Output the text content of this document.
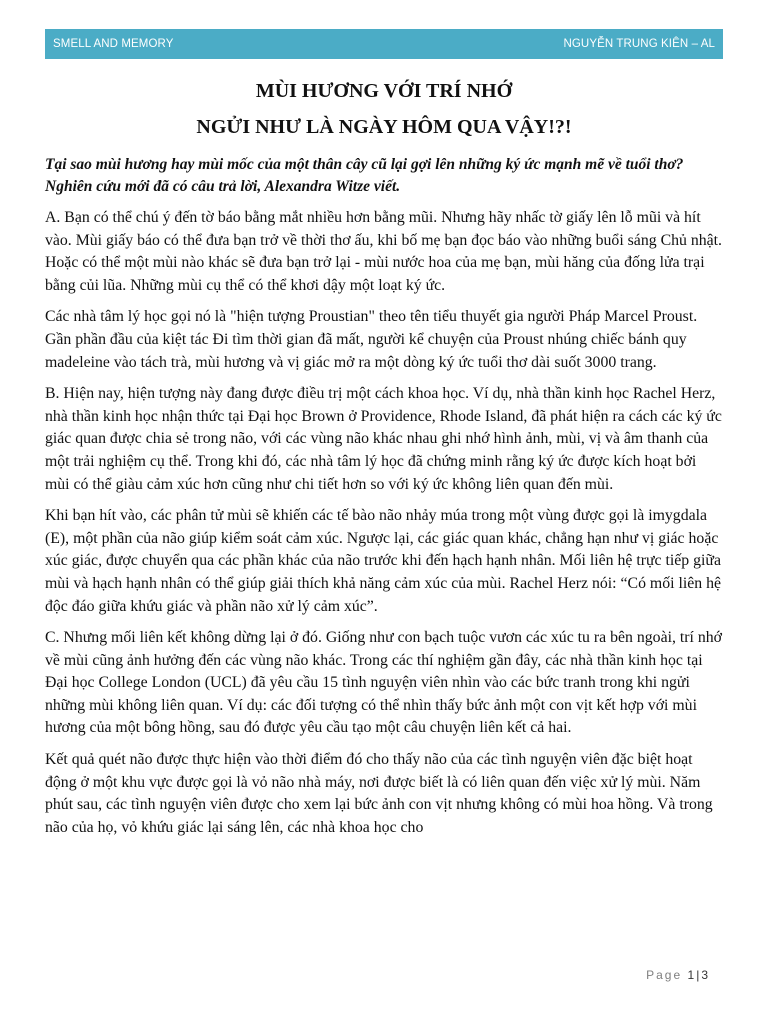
SMELL AND MEMORY	NGUYỄN TRUNG KIÊN – AL
MÙI HƯƠNG VỚI TRÍ NHỚ
NGỬI NHƯ LÀ NGÀY HÔM QUA VẬY!?!

Tại sao mùi hương hay mùi mốc của một thân cây cũ lại gợi lên những ký ức mạnh mẽ về tuổi thơ? Nghiên cứu mới đã có câu trả lời, Alexandra Witze viết.

A. Bạn có thể chú ý đến tờ báo bằng mắt nhiều hơn bằng mũi. Nhưng hãy nhấc tờ giấy lên lỗ mũi và hít vào. Mùi giấy báo có thể đưa bạn trở về thời thơ ấu, khi bố mẹ bạn đọc báo vào những buổi sáng Chủ nhật. Hoặc có thể một mùi nào khác sẽ đưa bạn trở lại - mùi nước hoa của mẹ bạn, mùi hăng của đống lửa trại bằng củi lũa. Những mùi cụ thể có thể khơi dậy một loạt ký ức.

Các nhà tâm lý học gọi nó là "hiện tượng Proustian" theo tên tiểu thuyết gia người Pháp Marcel Proust. Gần phần đầu của kiệt tác Đi tìm thời gian đã mất, người kể chuyện của Proust nhúng chiếc bánh quy madeleine vào tách trà, mùi hương và vị giác mở ra một dòng ký ức tuổi thơ dài suốt 3000 trang.

B. Hiện nay, hiện tượng này đang được điều trị một cách khoa học. Ví dụ, nhà thần kinh học Rachel Herz, nhà thần kinh học nhận thức tại Đại học Brown ở Providence, Rhode Island, đã phát hiện ra cách các ký ức giác quan được chia sẻ trong não, với các vùng não khác nhau ghi nhớ hình ảnh, mùi, vị và âm thanh của một trải nghiệm cụ thể. Trong khi đó, các nhà tâm lý học đã chứng minh rằng ký ức được kích hoạt bởi mùi có thể giàu cảm xúc hơn cũng như chi tiết hơn so với ký ức không liên quan đến mùi.

Khi bạn hít vào, các phân tử mùi sẽ khiến các tế bào não nhảy múa trong một vùng được gọi là imygdala (E), một phần của não giúp kiểm soát cảm xúc. Ngược lại, các giác quan khác, chẳng hạn như vị giác hoặc xúc giác, được chuyển qua các phần khác của não trước khi đến hạch hạnh nhân. Mối liên hệ trực tiếp giữa mùi và hạch hạnh nhân có thể giúp giải thích khả năng cảm xúc của mùi. Rachel Herz nói: “Có mối liên hệ độc đáo giữa khứu giác và phần não xử lý cảm xúc”.

C. Nhưng mối liên kết không dừng lại ở đó. Giống như con bạch tuộc vươn các xúc tu ra bên ngoài, trí nhớ về mùi cũng ảnh hưởng đến các vùng não khác. Trong các thí nghiệm gần đây, các nhà thần kinh học tại Đại học College London (UCL) đã yêu cầu 15 tình nguyện viên nhìn vào các bức tranh trong khi ngửi những mùi không liên quan. Ví dụ: các đối tượng có thể nhìn thấy bức ảnh một con vịt kết hợp với mùi hương của một bông hồng, sau đó được yêu cầu tạo một câu chuyện liên kết cả hai.

Kết quả quét não được thực hiện vào thời điểm đó cho thấy não của các tình nguyện viên đặc biệt hoạt động ở một khu vực được gọi là vỏ não nhà máy, nơi được biết là có liên quan đến việc xử lý mùi. Năm phút sau, các tình nguyện viên được cho xem lại bức ảnh con vịt nhưng không có mùi hoa hồng. Và trong não của họ, vỏ khứu giác lại sáng lên, các nhà khoa học cho

Page 1 | 3
